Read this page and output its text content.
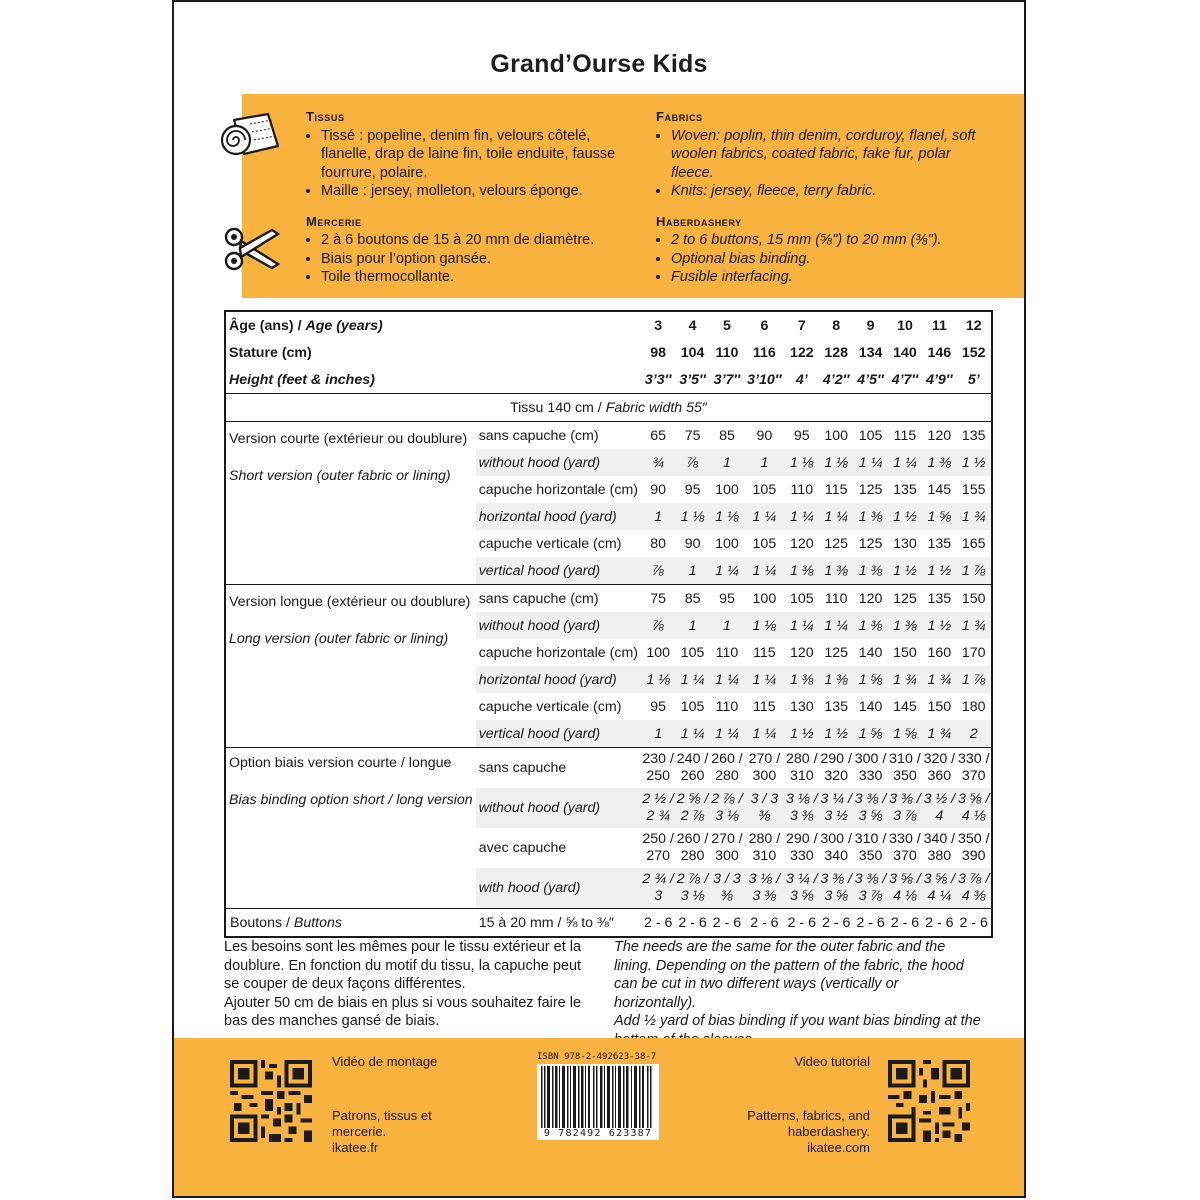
Grand’Ourse Kids

Tissus

• Tissé : popeline, denim fin, velours côtelé, flanelle, drap de laine fin, toile enduite, fausse fourrure, polaire.
• Maille : jersey, molleton, velours éponge.

Mercerie

• 2 à 6 boutons de 15 à 20 mm de diamètre.
• Biais pour l’option gansée.
• Toile thermocollante.

Fabrics

• Woven: poplin, thin denim, corduroy, flanel, soft woolen fabrics, coated fabric, fake fur, polar fleece.
• Knits: jersey, fleece, terry fabric.

Haberdashery

• 2 to 6 buttons, 15 mm (⅝") to 20 mm (⅜").
• Optional bias binding.
• Fusible interfacing.
Âge (ans) / Age (years)		3	4	5	6	7	8	9	10	11	12
Stature (cm)		98	104	110	116	122	128	134	140	146	152
Height (feet & inches)		3’3″	3’5″	3’7″	3’10″	4’	4’2″	4’5″	4’7″	4’9″	5’
Tissu 140 cm / Fabric width 55″											

Version courte (extérieur ou doublure)
Short version (outer fabric or lining)	sans capuche (cm)	65	75	85	90	95	100	105	115	120	135
	without hood (yard)	¾	⅞	1	1	1 ⅛	1 ⅛	1 ¼	1 ¼	1 ⅜	1 ½
	capuche horizontale (cm)	90	95	100	105	110	115	125	135	145	155
	horizontal hood (yard)	1	1 ⅛	1 ⅛	1 ¼	1 ¼	1 ¼	1 ⅜	1 ½	1 ⅝	1 ¾
	capuche verticale (cm)	80	90	100	105	120	125	125	130	135	165
	vertical hood (yard)	⅞	1	1 ¼	1 ¼	1 ⅜	1 ⅜	1 ⅜	1 ½	1 ½	1 ⅞

Version longue (extérieur ou doublure)
Long version (outer fabric or lining)	sans capuche (cm)	75	85	95	100	105	110	120	125	135	150
	without hood (yard)	⅞	1	1	1 ⅛	1 ¼	1 ¼	1 ⅜	1 ⅜	1 ½	1 ¾
	capuche horizontale (cm)	100	105	110	115	120	125	140	150	160	170
	horizontal hood (yard)	1 ⅛	1 ¼	1 ¼	1 ¼	1 ⅜	1 ⅜	1 ⅝	1 ¾	1 ¾	1 ⅞
	capuche verticale (cm)	95	105	110	115	130	135	140	145	150	180
	vertical hood (yard)	1	1 ¼	1 ¼	1 ¼	1 ½	1 ½	1 ⅝	1 ⅝	1 ¾	2

Option biais version courte / longue
Bias binding option short / long version	sans capuche	230 / 250	240 / 260	260 / 280	270 / 300	280 / 310	290 / 320	300 / 330	310 / 350	320 / 360	330 / 370
	without hood (yard)	2 ½ / 2 ¾	2 ⅝ / 2 ⅞	2 ⅞ / 3 ⅛	3 / 3 ⅜	3 ⅛ / 3 ⅜	3 ¼ / 3 ½	3 ⅜ / 3 ⅝	3 ⅜ / 3 ⅞	3 ½ / 4	3 ⅝ / 4 ⅛
	avec capuche	250 / 270	260 / 280	270 / 300	280 / 310	290 / 330	300 / 340	310 / 350	330 / 370	340 / 380	350 / 390
	with hood (yard)	2 ¾ / 3	2 ⅞ / 3 ⅛	3 / 3 ⅜	3 ⅛ / 3 ⅜	3 ¼ / 3 ⅝	3 ⅜ / 3 ⅝	3 ⅜ / 3 ⅞	3 ⅝ / 4 ⅛	3 ⅝ / 4 ¼	3 ⅞ / 4 ⅜
Boutons / Buttons	15 à 20 mm / ⅝ to ⅜″	2 - 6	2 - 6	2 - 6	2 - 6	2 - 6	2 - 6	2 - 6	2 - 6	2 - 6	2 - 6
Les besoins sont les mêmes pour le tissu extérieur et la doublure. En fonction du motif du tissu, la capuche peut se couper de deux façons différentes.
Ajouter 50 cm de biais en plus si vous souhaitez faire le bas des manches gansé de biais.
The needs are the same for the outer fabric and the lining. Depending on the pattern of the fabric, the hood can be cut in two different ways (vertically or horizontally).
Add ½ yard of bias binding if you want bias binding at the
Vidéo de montage
Patrons, tissus et mercerie.
ikatee.fr
ISBN 978-2-492623-38-7
9 782492 623387
Video tutorial
Patterns, fabrics, and haberdashery.
ikatee.com
